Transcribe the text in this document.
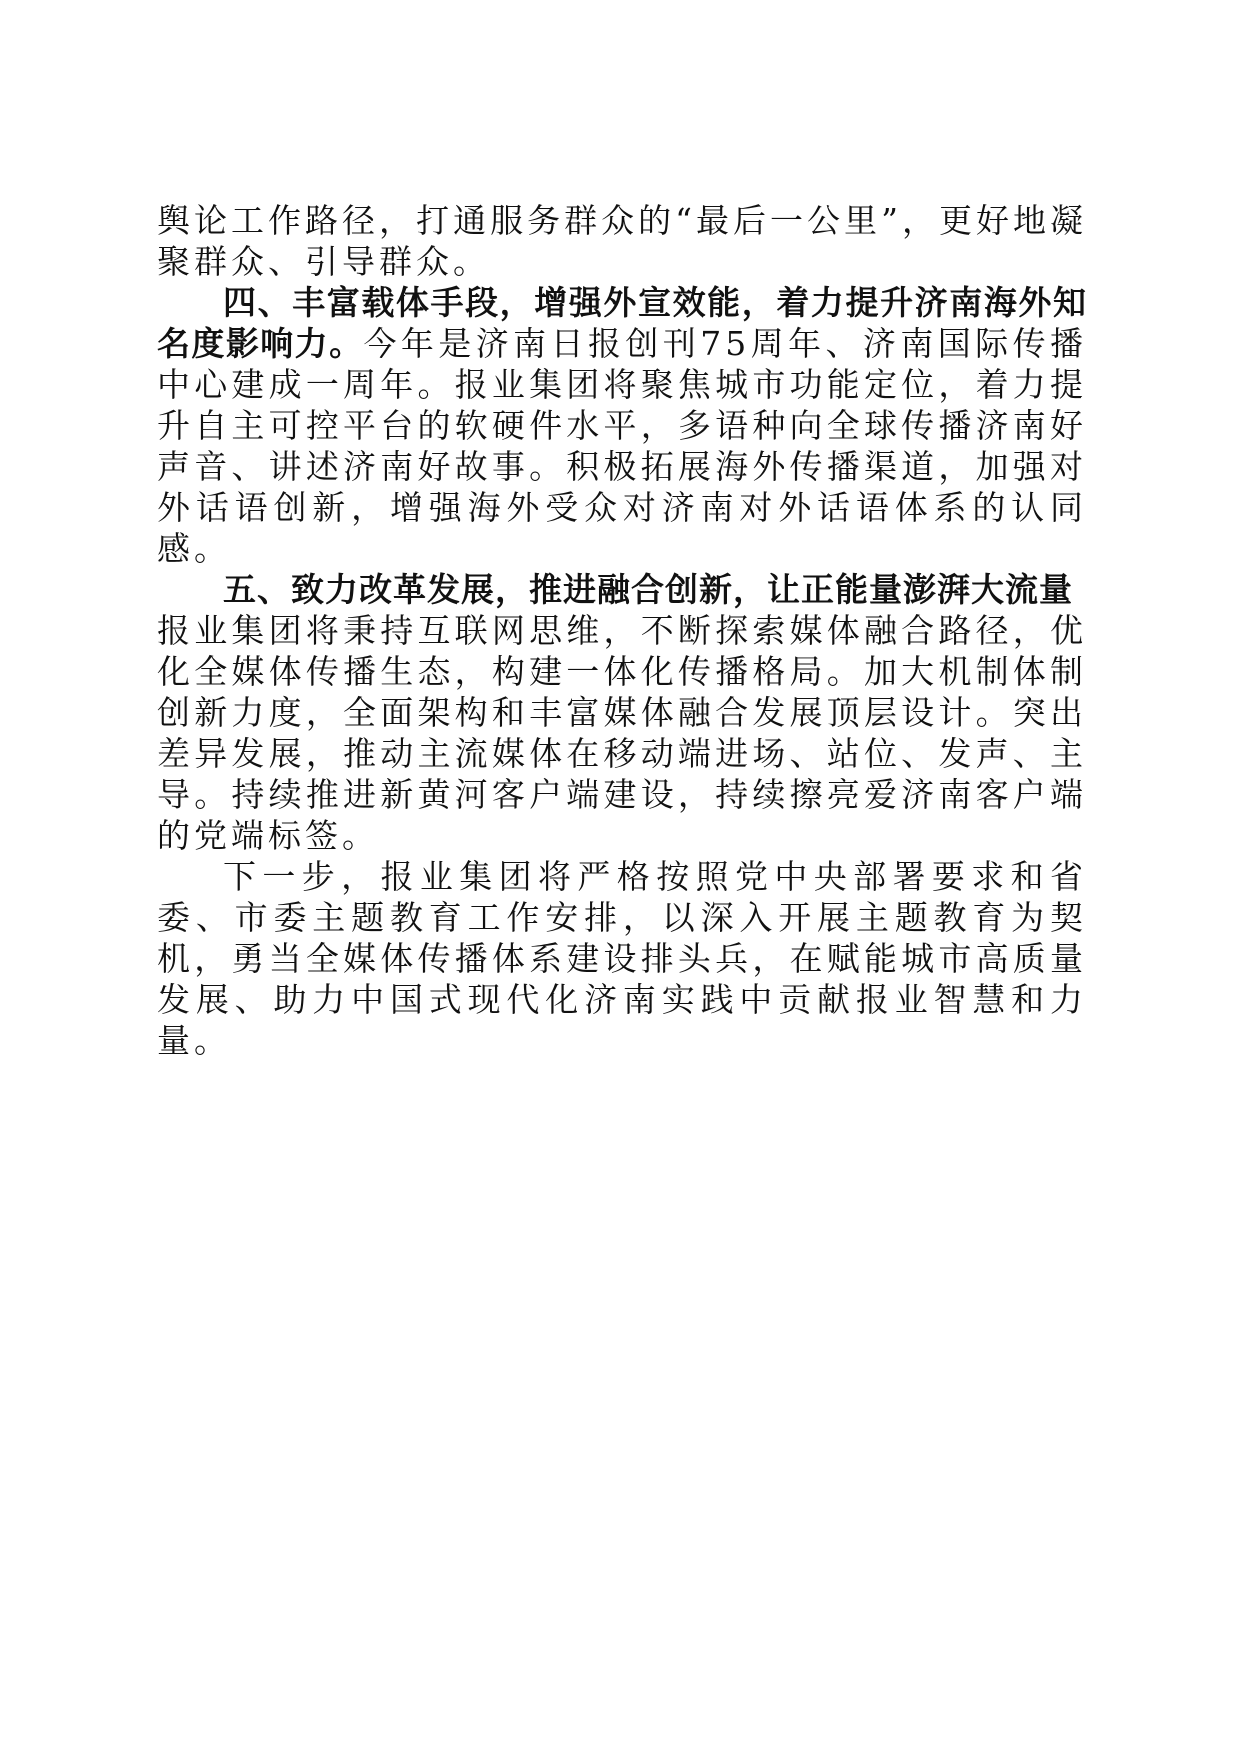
舆论工作路径，打通服务群众的“最后一公里”，更好地凝聚群众、引导群众。

四、丰富载体手段，增强外宣效能，着力提升济南海外知名度影响力。今年是济南日报创刊75周年、济南国际传播中心建成一周年。报业集团将聚焦城市功能定位，着力提升自主可控平台的软硬件水平，多语种向全球传播济南好声音、讲述济南好故事。积极拓展海外传播渠道，加强对外话语创新，增强海外受众对济南对外话语体系的认同感。

五、致力改革发展，推进融合创新，让正能量澎湃大流量

报业集团将秉持互联网思维，不断探索媒体融合路径，优化全媒体传播生态，构建一体化传播格局。加大机制体制创新力度，全面架构和丰富媒体融合发展顶层设计。突出差异发展，推动主流媒体在移动端进场、站位、发声、主导。持续推进新黄河客户端建设，持续擦亮爱济南客户端的党端标签。

下一步，报业集团将严格按照党中央部署要求和省委、市委主题教育工作安排，以深入开展主题教育为契机，勇当全媒体传播体系建设排头兵，在赋能城市高质量发展、助力中国式现代化济南实践中贡献报业智慧和力量。
